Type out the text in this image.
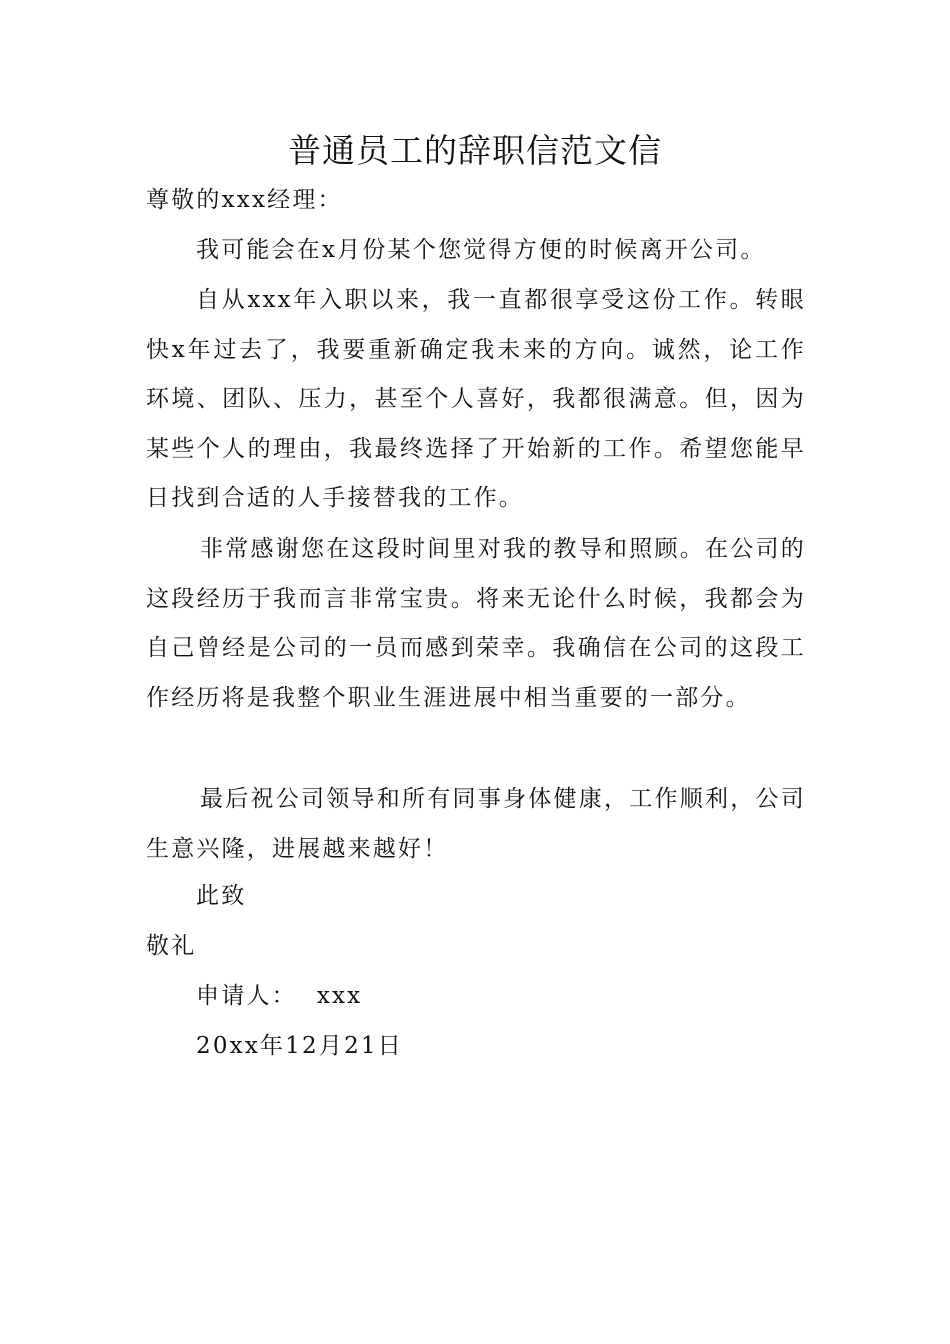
普通员工的辞职信范文信

尊敬的xxx经理：

我可能会在x月份某个您觉得方便的时候离开公司。

自从xxx年入职以来，我一直都很享受这份工作。转眼快x年过去了，我要重新确定我未来的方向。诚然，论工作环境、团队、压力，甚至个人喜好，我都很满意。但，因为某些个人的理由，我最终选择了开始新的工作。希望您能早日找到合适的人手接替我的工作。

非常感谢您在这段时间里对我的教导和照顾。在公司的这段经历于我而言非常宝贵。将来无论什么时候，我都会为自己曾经是公司的一员而感到荣幸。我确信在公司的这段工作经历将是我整个职业生涯进展中相当重要的一部分。

最后祝公司领导和所有同事身体健康，工作顺利，公司生意兴隆，进展越来越好！

此致

敬礼

申请人： xxx

20xx年12月21日
